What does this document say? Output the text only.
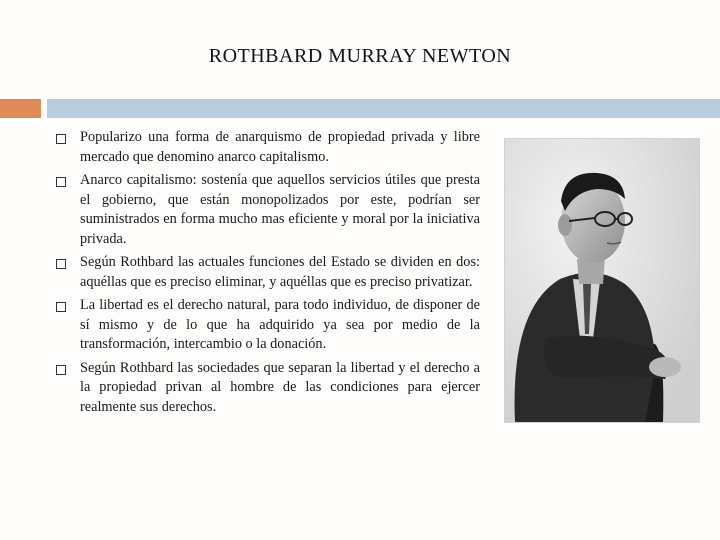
ROTHBARD MURRAY NEWTON
Popularizo una forma de anarquismo de propiedad privada y libre mercado que denomino anarco capitalismo.
Anarco capitalismo: sostenía que aquellos servicios útiles que presta el gobierno, que están monopolizados por este, podrían ser suministrados en forma mucho mas eficiente y moral por la iniciativa privada.
Según Rothbard las actuales funciones del Estado se dividen en dos: aquéllas que es preciso eliminar, y aquéllas que es preciso privatizar.
La libertad es el derecho natural, para todo individuo, de disponer de sí mismo y de lo que ha adquirido ya sea por medio de la transformación, intercambio o la donación.
Según Rothbard las sociedades que separan la libertad y el derecho a la propiedad privan al hombre de las condiciones para ejercer realmente sus derechos.
